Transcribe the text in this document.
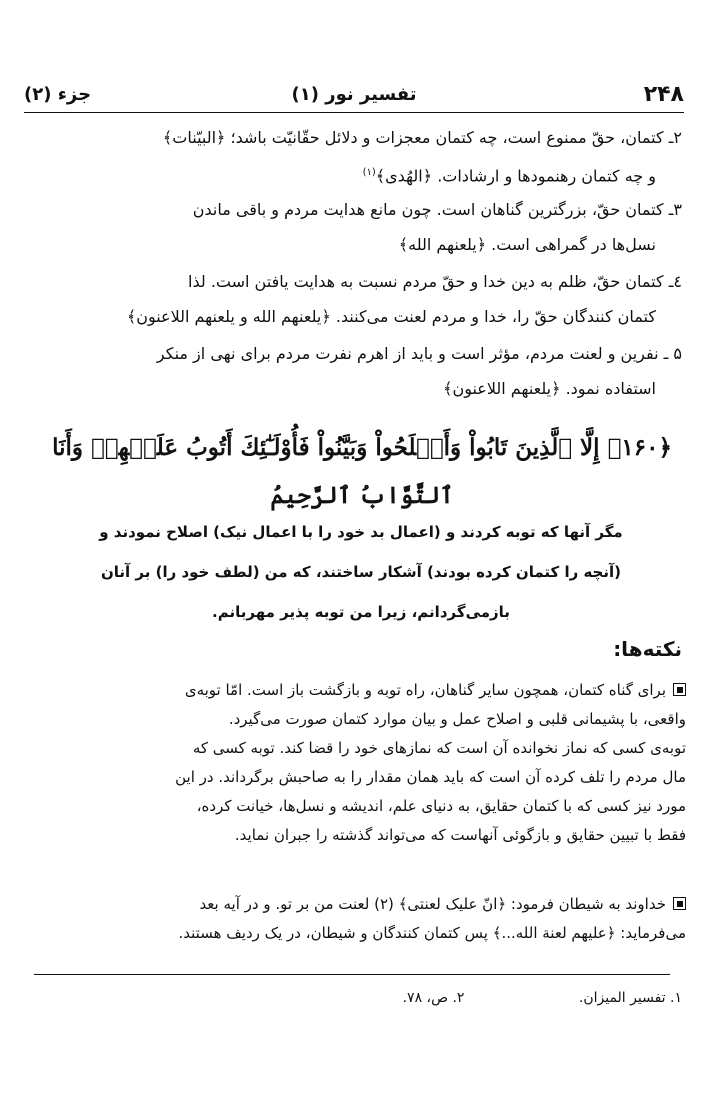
۲۴۸
تفسیر نور (۱)
جزء (۲)
۲ـ کتمان، حقّ ممنوع است، چه کتمان معجزات و دلائل حقّانیّت باشد؛ ﴿البیّنات﴾
و چه کتمان رهنمودها و ارشادات. ﴿الهُدی﴾$^{(۱)}$
۳ـ کتمان حقّ، بزرگترین گناهان است. چون مانع هدایت مردم و باقی ماندن
نسل‌ها در گمراهی است. ﴿یلعنهم الله﴾
٤ـ کتمان حقّ، ظلم به دین خدا و حقّ مردم نسبت به هدایت یافتن است. لذا
کتمان کنندگان حقّ را، خدا و مردم لعنت می‌کنند. ﴿یلعنهم الله و یلعنهم اللاعنون﴾
۵ ـ نفرین و لعنت مردم، مؤثر است و باید از اهرم نفرت مردم برای نهی از منکر
استفاده نمود. ﴿یلعنهم اللاعنون﴾
﴿۱۶۰﴾ إِلَّا ٱلَّذِينَ تَابُواْ وَأَصۡلَحُواْ وَبَيَّنُواْ فَأُوْلَـٰٓئِكَ أَتُوبُ عَلَيۡهِمۡ وَأَنَا
ٱلتَّوَّابُ ٱلرَّحِيمُ
مگر آنها که توبه کردند و (اعمال بد خود را با اعمال نیک) اصلاح نمودند و
(آنچه را کتمان کرده بودند) آشکار ساختند، که من (لطف خود را) بر آنان
بازمی‌گردانم، زیرا من توبه پذیر مهربانم.
نکته‌ها:
برای گناه کتمان، همچون سایر گناهان، راه توبه و بازگشت باز است. امّا توبه‌ی
واقعی، با پشیمانی قلبی و اصلاح عمل و بیان موارد کتمان صورت می‌گیرد.
توبه‌ی کسی که نماز نخوانده آن است که نمازهای خود را قضا کند. توبه کسی که
مال مردم را تلف کرده آن است که باید همان مقدار را به صاحبش برگرداند. در این
مورد نیز کسی که با کتمان حقایق، به دنیای علم، اندیشه و نسل‌ها، خیانت کرده،
فقط با تبیین حقایق و بازگوئی آنهاست که می‌تواند گذشته را جبران نماید.
خداوند به شیطان فرمود: ﴿انّ علیک لعنتی﴾ (۲) لعنت من بر تو. و در آیه بعد
می‌فرماید: ﴿علیهم لعنة الله...﴾ پس کتمان کنندگان و شیطان، در یک ردیف هستند.
۱. تفسیر المیزان. ۲. ص، ۷۸.
